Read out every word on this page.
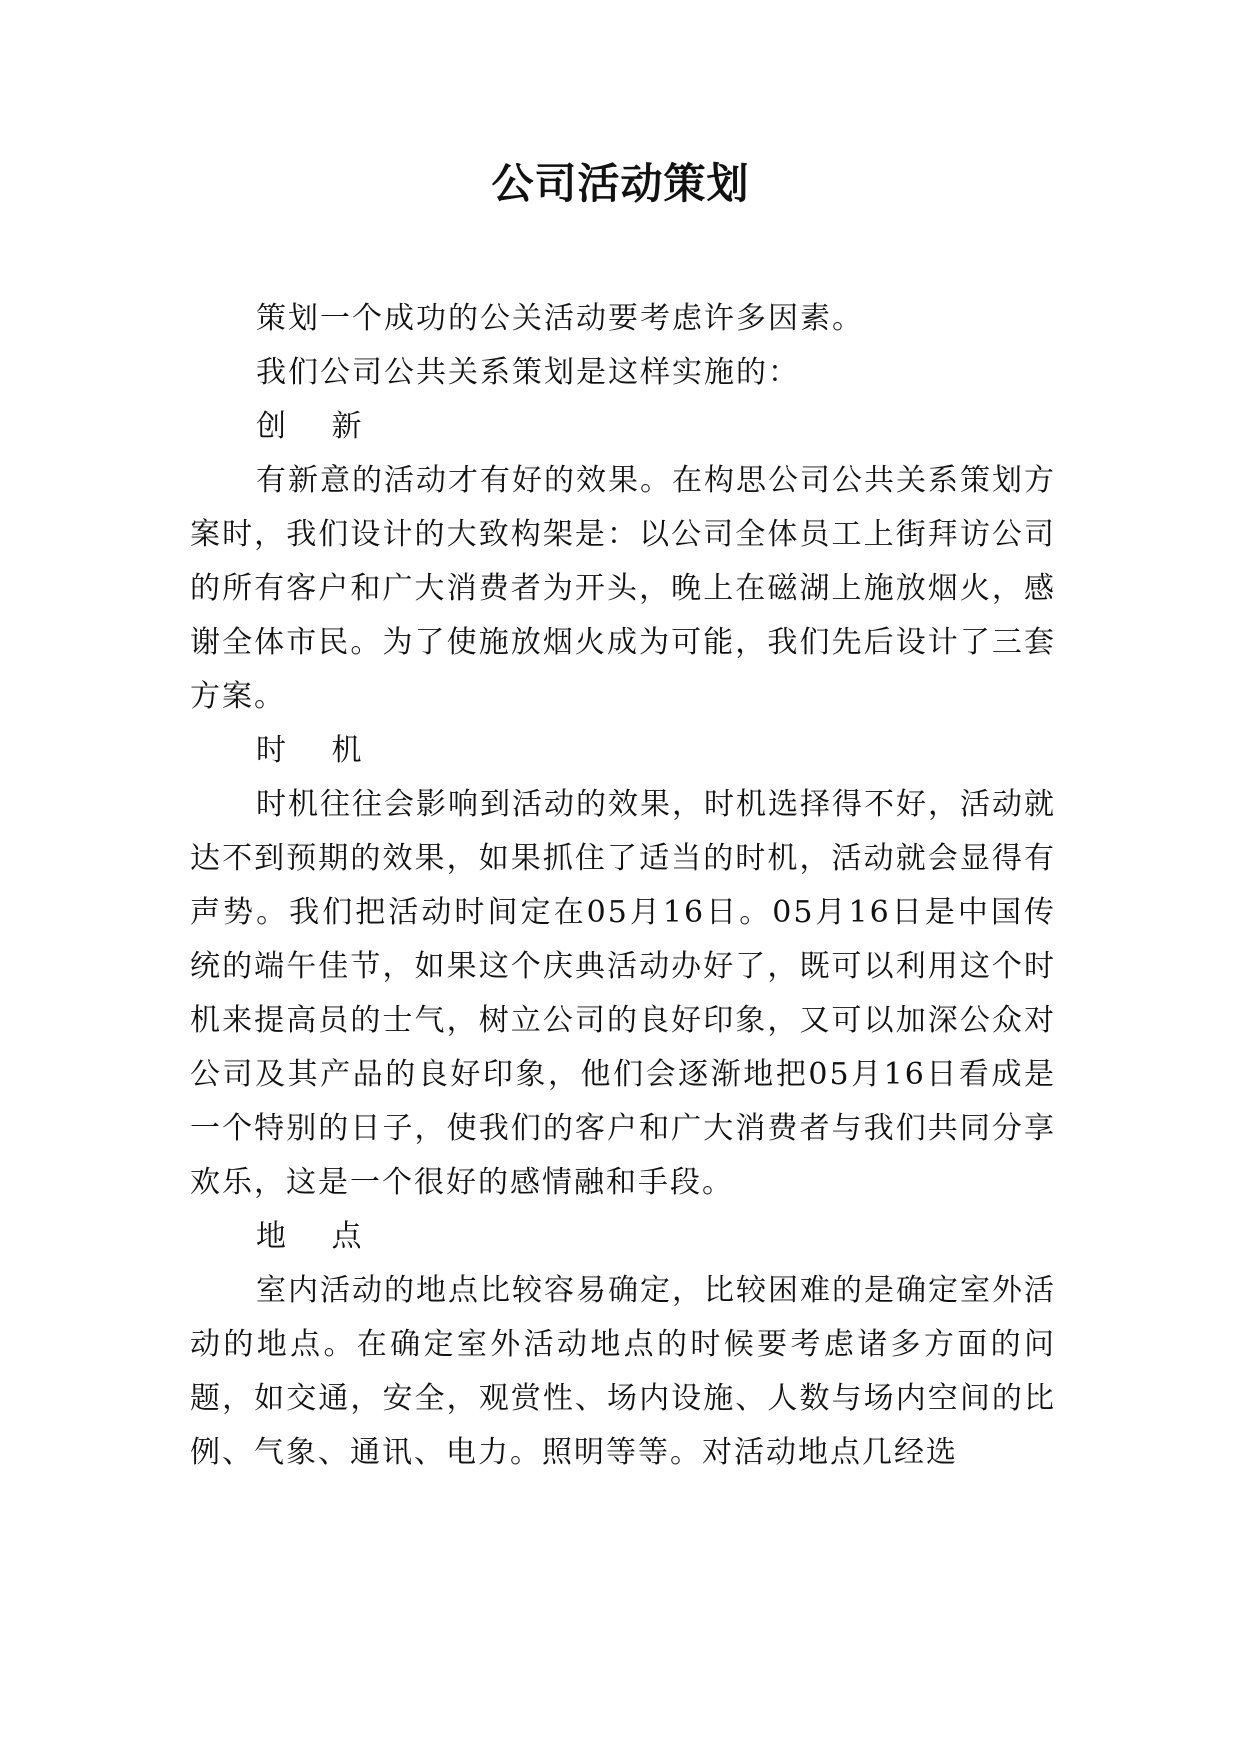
公司活动策划

策划一个成功的公关活动要考虑许多因素。

我们公司公共关系策划是这样实施的：

创 新

有新意的活动才有好的效果。在构思公司公共关系策划方案时，我们设计的大致构架是：以公司全体员工上街拜访公司的所有客户和广大消费者为开头，晚上在磁湖上施放烟火，感谢全体市民。为了使施放烟火成为可能，我们先后设计了三套方案。

时 机

时机往往会影响到活动的效果，时机选择得不好，活动就达不到预期的效果，如果抓住了适当的时机，活动就会显得有声势。我们把活动时间定在05月16日。05月16日是中国传统的端午佳节，如果这个庆典活动办好了，既可以利用这个时机来提高员的士气，树立公司的良好印象，又可以加深公众对公司及其产品的良好印象，他们会逐渐地把05月16日看成是一个特别的日子，使我们的客户和广大消费者与我们共同分享欢乐，这是一个很好的感情融和手段。

地 点

室内活动的地点比较容易确定，比较困难的是确定室外活动的地点。在确定室外活动地点的时候要考虑诸多方面的问题，如交通，安全，观赏性、场内设施、人数与场内空间的比例、气象、通讯、电力。照明等等。对活动地点几经选
